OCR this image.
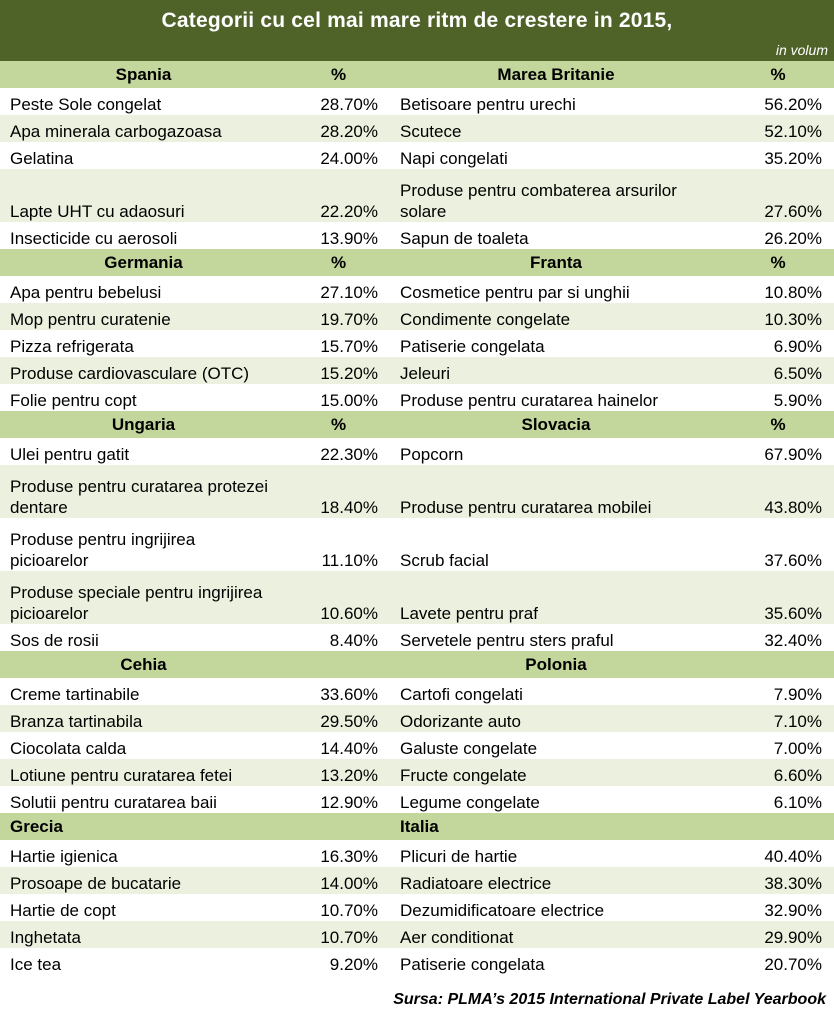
Categorii cu cel mai mare ritm de crestere in 2015,
in volum
Spania	%	Marea Britanie	%
Peste Sole congelat	28.70%	Betisoare pentru urechi	56.20%
Apa minerala carbogazoasa	28.20%	Scutece	52.10%
Gelatina	24.00%	Napi congelati	35.20%
Lapte UHT cu adaosuri	22.20%	Produse pentru combaterea arsurilor solare	27.60%
Insecticide cu aerosoli	13.90%	Sapun de toaleta	26.20%
Germania	%	Franta	%
Apa pentru bebelusi	27.10%	Cosmetice pentru par si unghii	10.80%
Mop pentru curatenie	19.70%	Condimente congelate	10.30%
Pizza refrigerata	15.70%	Patiserie congelata	6.90%
Produse cardiovasculare (OTC)	15.20%	Jeleuri	6.50%
Folie pentru copt	15.00%	Produse pentru curatarea hainelor	5.90%
Ungaria	%	Slovacia	%
Ulei pentru gatit	22.30%	Popcorn	67.90%
Produse pentru curatarea protezei dentare	18.40%	Produse pentru curatarea mobilei	43.80%
Produse pentru ingrijirea picioarelor	11.10%	Scrub facial	37.60%
Produse speciale pentru ingrijirea picioarelor	10.60%	Lavete pentru praf	35.60%
Sos de rosii	8.40%	Servetele pentru sters praful	32.40%
Cehia		Polonia	
Creme tartinabile	33.60%	Cartofi congelati	7.90%
Branza tartinabila	29.50%	Odorizante auto	7.10%
Ciocolata calda	14.40%	Galuste congelate	7.00%
Lotiune pentru curatarea fetei	13.20%	Fructe congelate	6.60%
Solutii pentru curatarea baii	12.90%	Legume congelate	6.10%
Grecia		Italia	
Hartie igienica	16.30%	Plicuri de hartie	40.40%
Prosoape de bucatarie	14.00%	Radiatoare electrice	38.30%
Hartie de copt	10.70%	Dezumidificatoare electrice	32.90%
Inghetata	10.70%	Aer conditionat	29.90%
Ice tea	9.20%	Patiserie congelata	20.70%
Sursa: PLMA’s 2015 International Private Label Yearbook
